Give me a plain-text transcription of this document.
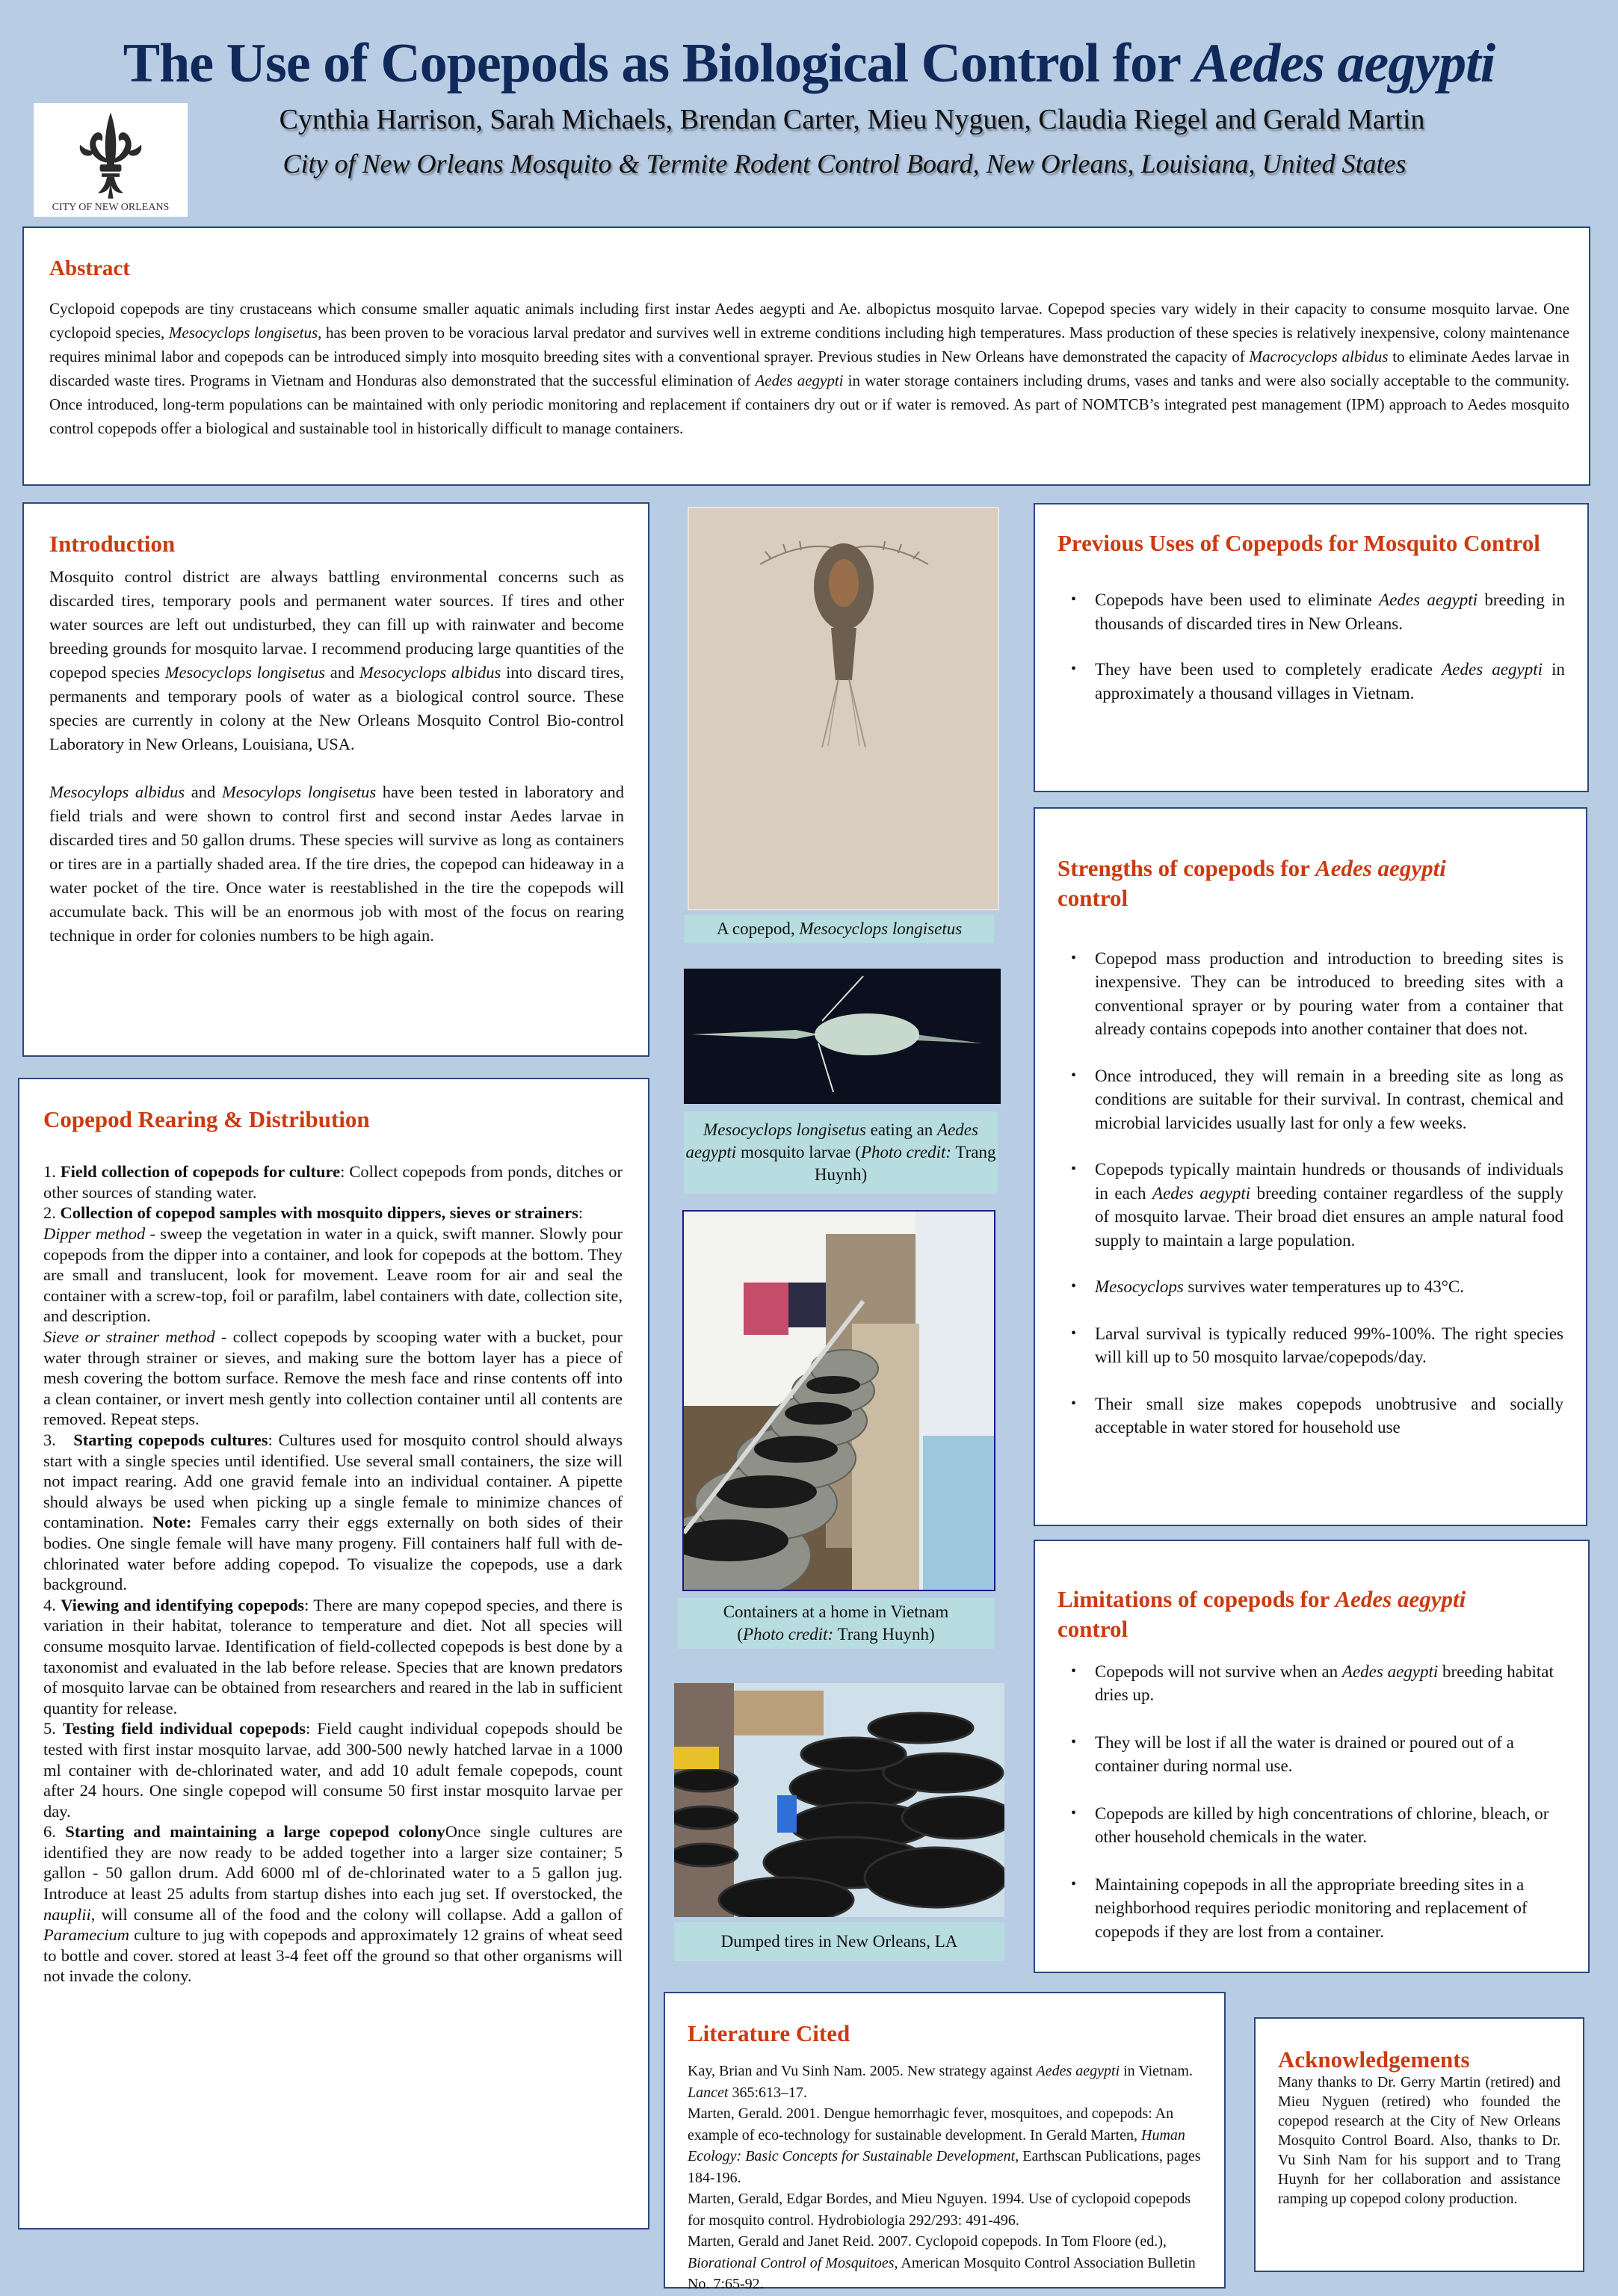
The Use of Copepods as Biological Control for Aedes aegypti
CITY OF NEW ORLEANS
Cynthia Harrison, Sarah Michaels, Brendan Carter, Mieu Nyguen, Claudia Riegel and Gerald Martin
City of New Orleans Mosquito & Termite Rodent Control Board, New Orleans, Louisiana, United States
Abstract

Cyclopoid copepods are tiny crustaceans which consume smaller aquatic animals including first instar Aedes aegypti and Ae. albopictus mosquito larvae. Copepod species vary widely in their capacity to consume mosquito larvae. One cyclopoid species, Mesocyclops longisetus, has been proven to be voracious larval predator and survives well in extreme conditions including high temperatures. Mass production of these species is relatively inexpensive, colony maintenance requires minimal labor and copepods can be introduced simply into mosquito breeding sites with a conventional sprayer. Previous studies in New Orleans have demonstrated the capacity of Macrocyclops albidus to eliminate Aedes larvae in discarded waste tires. Programs in Vietnam and Honduras also demonstrated that the successful elimination of Aedes aegypti in water storage containers including drums, vases and tanks and were also socially acceptable to the community. Once introduced, long-term populations can be maintained with only periodic monitoring and replacement if containers dry out or if water is removed. As part of NOMTCB’s integrated pest management (IPM) approach to Aedes mosquito control copepods offer a biological and sustainable tool in historically difficult to manage containers.

Introduction

Mosquito control district are always battling environmental concerns such as discarded tires, temporary pools and permanent water sources. If tires and other water sources are left out undisturbed, they can fill up with rainwater and become breeding grounds for mosquito larvae. I recommend producing large quantities of the copepod species Mesocyclops longisetus and Mesocyclops albidus into discard tires, permanents and temporary pools of water as a biological control source. These species are currently in colony at the New Orleans Mosquito Control Bio-control Laboratory in New Orleans, Louisiana, USA.

Mesocylops albidus and Mesocylops longisetus have been tested in laboratory and field trials and were shown to control first and second instar Aedes larvae in discarded tires and 50 gallon drums. These species will survive as long as containers or tires are in a partially shaded area. If the tire dries, the copepod can hideaway in a water pocket of the tire. Once water is reestablished in the tire the copepods will accumulate back. This will be an enormous job with most of the focus on rearing technique in order for colonies numbers to be high again.

Copepod Rearing & Distribution

1. Field collection of copepods for culture: Collect copepods from ponds, ditches or other sources of standing water.

2. Collection of copepod samples with mosquito dippers, sieves or strainers:

Dipper method - sweep the vegetation in water in a quick, swift manner. Slowly pour copepods from the dipper into a container, and look for copepods at the bottom. They are small and translucent, look for movement. Leave room for air and seal the container with a screw-top, foil or parafilm, label containers with date, collection site, and description.

Sieve or strainer method - collect copepods by scooping water with a bucket, pour water through strainer or sieves, and making sure the bottom layer has a piece of mesh covering the bottom surface. Remove the mesh face and rinse contents off into a clean container, or invert mesh gently into collection container until all contents are removed. Repeat steps.

3.   Starting copepods cultures: Cultures used for mosquito control should always start with a single species until identified. Use several small containers, the size will not impact rearing. Add one gravid female into an individual container. A pipette should always be used when picking up a single female to minimize chances of contamination. Note: Females carry their eggs externally on both sides of their bodies. One single female will have many progeny. Fill containers half full with de-chlorinated water before adding copepod. To visualize the copepods, use a dark background.

4. Viewing and identifying copepods: There are many copepod species, and there is variation in their habitat, tolerance to temperature and diet. Not all species will consume mosquito larvae. Identification of field-collected copepods is best done by a taxonomist and evaluated in the lab before release. Species that are known predators of mosquito larvae can be obtained from researchers and reared in the lab in sufficient quantity for release.

5. Testing field individual copepods: Field caught individual copepods should be tested with first instar mosquito larvae, add 300-500 newly hatched larvae in a 1000 ml container with de-chlorinated water, and add 10 adult female copepods, count after 24 hours. One single copepod will consume 50 first instar mosquito larvae per day.

6. Starting and maintaining a large copepod colonyOnce single cultures are identified they are now ready to be added together into a larger size container; 5 gallon - 50 gallon drum. Add 6000 ml of de-chlorinated water to a 5 gallon jug. Introduce at least 25 adults from startup dishes into each jug set. If overstocked, the nauplii, will consume all of the food and the colony will collapse. Add a gallon of Paramecium culture to jug with copepods and approximately 12 grains of wheat seed to bottle and cover. stored at least 3-4 feet off the ground so that other organisms will not invade the colony.

A copepod, Mesocyclops longisetus
Mesocyclops longisetus eating an Aedes aegypti mosquito larvae (Photo credit: Trang Huynh)
Containers at a home in Vietnam
(Photo credit: Trang Huynh)
Dumped tires in New Orleans, LA
Previous Uses of Copepods for Mosquito Control
• Copepods have been used to eliminate Aedes aegypti breeding in thousands of discarded tires in New Orleans.
• They have been used to completely eradicate Aedes aegypti in approximately a thousand villages in Vietnam.
Strengths of copepods for Aedes aegypti
control
• Copepod mass production and introduction to breeding sites is inexpensive. They can be introduced to breeding sites with a conventional sprayer or by pouring water from a container that already contains copepods into another container that does not.
• Once introduced, they will remain in a breeding site as long as conditions are suitable for their survival. In contrast, chemical and microbial larvicides usually last for only a few weeks.
• Copepods typically maintain hundreds or thousands of individuals in each Aedes aegypti breeding container regardless of the supply of mosquito larvae. Their broad diet ensures an ample natural food supply to maintain a large population.
• Mesocyclops survives water temperatures up to 43°C.
• Larval survival is typically reduced 99%-100%. The right species will kill up to 50 mosquito larvae/copepods/day.
• Their small size makes copepods unobtrusive and socially acceptable in water stored for household use
Limitations of copepods for Aedes aegypti
control
• Copepods will not survive when an Aedes aegypti breeding habitat dries up.
• They will be lost if all the water is drained or poured out of a container during normal use.
• Copepods are killed by high concentrations of chlorine, bleach, or other household chemicals in the water.
• Maintaining copepods in all the appropriate breeding sites in a neighborhood requires periodic monitoring and replacement of copepods if they are lost from a container.
Literature Cited

Kay, Brian and Vu Sinh Nam. 2005. New strategy against Aedes aegypti in Vietnam. Lancet 365:613–17.

Marten, Gerald. 2001. Dengue hemorrhagic fever, mosquitoes, and copepods: An example of eco-technology for sustainable development. In Gerald Marten, Human Ecology: Basic Concepts for Sustainable Development, Earthscan Publications, pages 184-196.

Marten, Gerald, Edgar Bordes, and Mieu Nguyen. 1994. Use of cyclopoid copepods for mosquito control. Hydrobiologia 292/293: 491-496.

Marten, Gerald and Janet Reid. 2007. Cyclopoid copepods. In Tom Floore (ed.), Biorational Control of Mosquitoes, American Mosquito Control Association Bulletin No. 7:65-92.

Acknowledgements

Many thanks to Dr. Gerry Martin (retired) and Mieu Nyguen (retired) who founded the copepod research at the City of New Orleans Mosquito Control Board. Also, thanks to Dr. Vu Sinh Nam for his support and to Trang Huynh for her collaboration and assistance ramping up copepod colony production.
